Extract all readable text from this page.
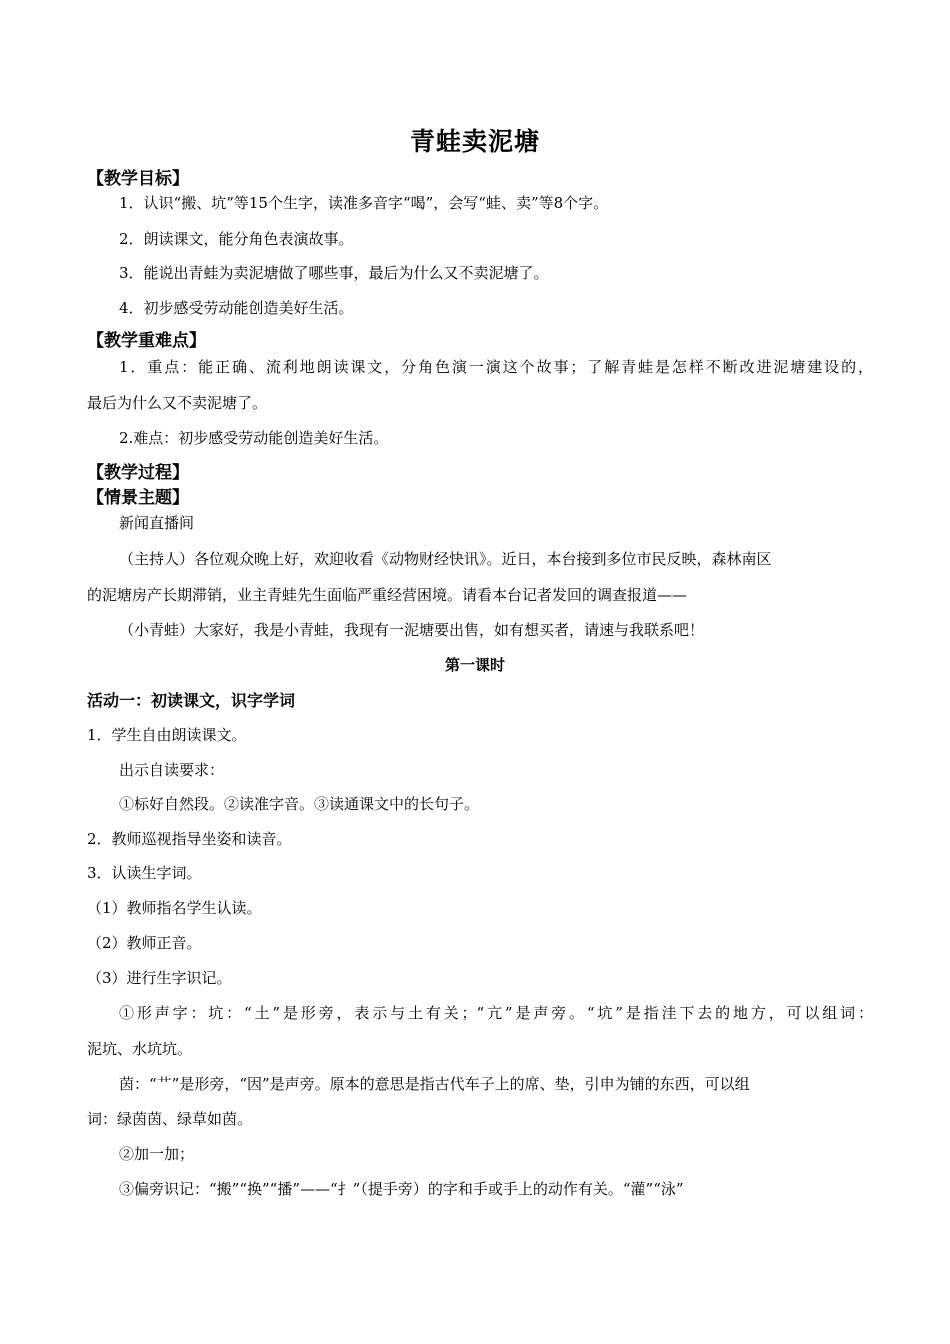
青蛙卖泥塘
【教学目标】
1．认识“搬、坑”等15个生字，读准多音字“喝”，会写“蛙、卖”等8个字。
2．朗读课文，能分角色表演故事。
3．能说出青蛙为卖泥塘做了哪些事，最后为什么又不卖泥塘了。
4．初步感受劳动能创造美好生活。
【教学重难点】
1．重点：能正确、流利地朗读课文，分角色演一演这个故事；了解青蛙是怎样不断改进泥塘建设的，
最后为什么又不卖泥塘了。
2.难点：初步感受劳动能创造美好生活。
【教学过程】
【情景主题】
新闻直播间
（主持人）各位观众晚上好，欢迎收看《动物财经快讯》。近日，本台接到多位市民反映，森林南区
的泥塘房产长期滞销，业主青蛙先生面临严重经营困境。请看本台记者发回的调查报道——
（小青蛙）大家好，我是小青蛙，我现有一泥塘要出售，如有想买者，请速与我联系吧！
第一课时
活动一：初读课文，识字学词
1．学生自由朗读课文。
出示自读要求：
①标好自然段。②读准字音。③读通课文中的长句子。
2．教师巡视指导坐姿和读音。
3．认读生字词。
（1）教师指名学生认读。
（2）教师正音。
（3）进行生字识记。
①形声字：坑：“土”是形旁，表示与土有关；“亢”是声旁。“坑”是指洼下去的地方，可以组词：
泥坑、水坑坑。
茵：“艹”是形旁，“因”是声旁。原本的意思是指古代车子上的席、垫，引申为铺的东西，可以组
词：绿茵茵、绿草如茵。
②加一加；
③偏旁识记：“搬”“换”“播”——“扌”（提手旁）的字和手或手上的动作有关。“灌”“泳”
